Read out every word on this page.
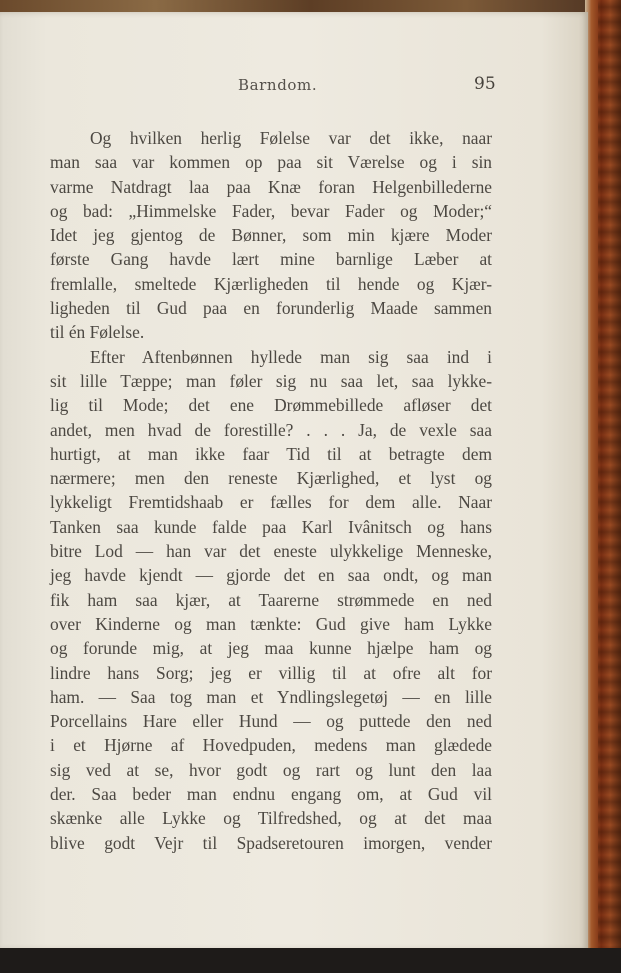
Barndom.	95
Og hvilken herlig Følelse var det ikke, naar
man saa var kommen op paa sit Værelse og i sin
varme Natdragt laa paa Knæ foran Helgenbillederne
og bad: „Himmelske Fader, bevar Fader og Moder;“
Idet jeg gjentog de Bønner, som min kjære Moder
første Gang havde lært mine barnlige Læber at
fremlalle, smeltede Kjærligheden til hende og Kjær-
ligheden til Gud paa en forunderlig Maade sammen
til én Følelse.
Efter Aftenbønnen hyllede man sig saa ind i
sit lille Tæppe; man føler sig nu saa let, saa lykke-
lig til Mode; det ene Drømmebillede afløser det
andet, men hvad de forestille? . . . Ja, de vexle saa
hurtigt, at man ikke faar Tid til at betragte dem
nærmere; men den reneste Kjærlighed, et lyst og
lykkeligt Fremtidshaab er fælles for dem alle. Naar
Tanken saa kunde falde paa Karl Ivânitsch og hans
bitre Lod — han var det eneste ulykkelige Menneske,
jeg havde kjendt — gjorde det en saa ondt, og man
fik ham saa kjær, at Taarerne strømmede en ned
over Kinderne og man tænkte: Gud give ham Lykke
og forunde mig, at jeg maa kunne hjælpe ham og
lindre hans Sorg; jeg er villig til at ofre alt for
ham. — Saa tog man et Yndlingslegetøj — en lille
Porcellains Hare eller Hund — og puttede den ned
i et Hjørne af Hovedpuden, medens man glædede
sig ved at se, hvor godt og rart og lunt den laa
der. Saa beder man endnu engang om, at Gud vil
skænke alle Lykke og Tilfredshed, og at det maa
blive godt Vejr til Spadseretouren imorgen, vender
